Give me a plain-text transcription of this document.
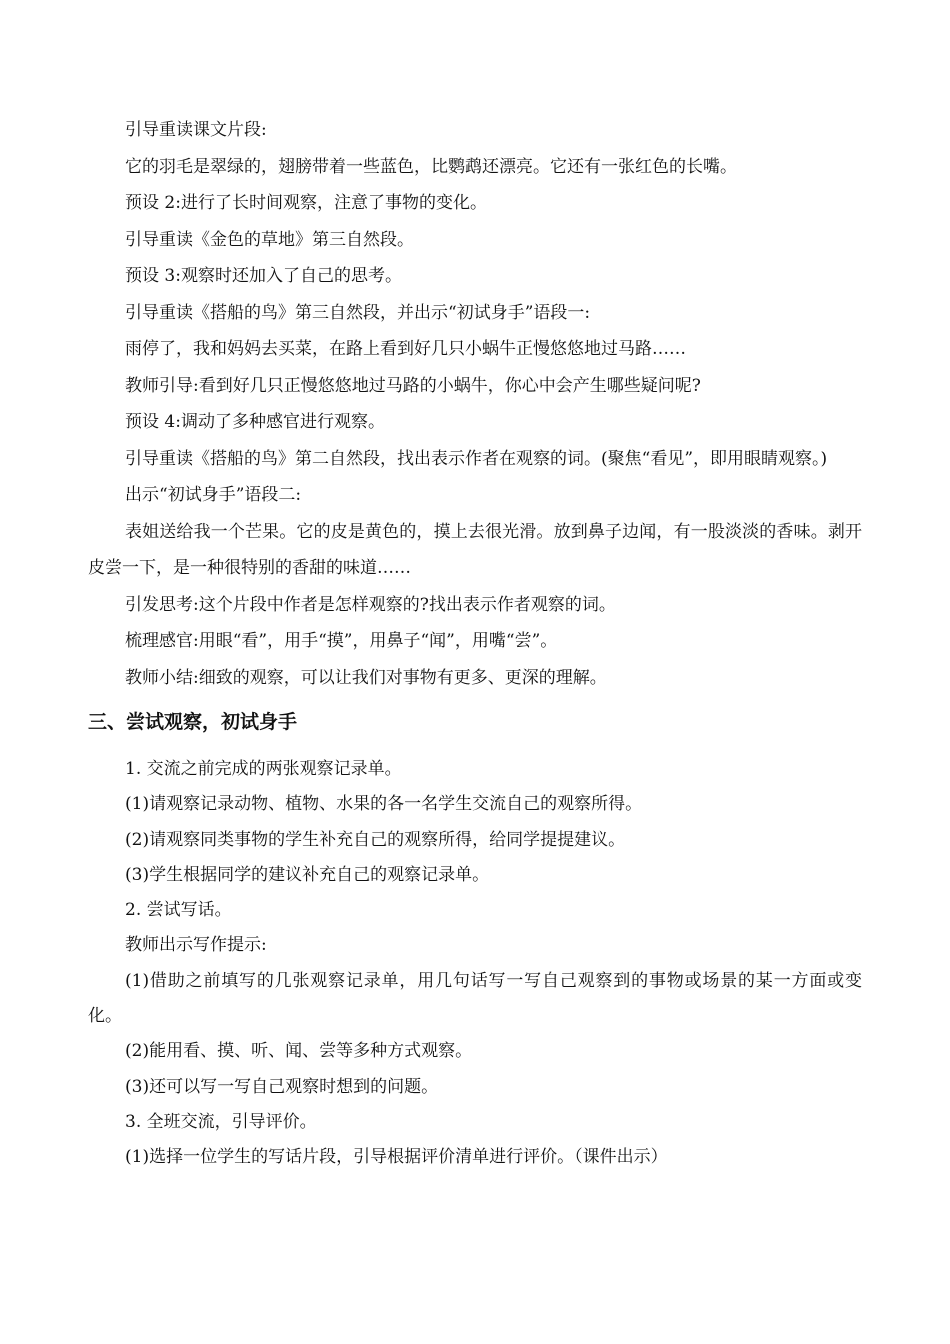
引导重读课文片段:

它的羽毛是翠绿的，翅膀带着一些蓝色，比鹦鹉还漂亮。它还有一张红色的长嘴。

预设 2:进行了长时间观察，注意了事物的变化。

引导重读《金色的草地》第三自然段。

预设 3:观察时还加入了自己的思考。

引导重读《搭船的鸟》第三自然段，并出示“初试身手”语段一:

雨停了，我和妈妈去买菜，在路上看到好几只小蜗牛正慢悠悠地过马路……

教师引导:看到好几只正慢悠悠地过马路的小蜗牛，你心中会产生哪些疑问呢?

预设 4:调动了多种感官进行观察。

引导重读《搭船的鸟》第二自然段，找出表示作者在观察的词。(聚焦“看见”，即用眼睛观察。)

出示“初试身手”语段二:

表姐送给我一个芒果。它的皮是黄色的，摸上去很光滑。放到鼻子边闻，有一股淡淡的香味。剥开皮尝一下，是一种很特别的香甜的味道……

引发思考:这个片段中作者是怎样观察的?找出表示作者观察的词。

梳理感官:用眼“看”，用手“摸”，用鼻子“闻”，用嘴“尝”。

教师小结:细致的观察，可以让我们对事物有更多、更深的理解。

三、尝试观察，初试身手

1. 交流之前完成的两张观察记录单。

(1)请观察记录动物、植物、水果的各一名学生交流自己的观察所得。

(2)请观察同类事物的学生补充自己的观察所得，给同学提提建议。

(3)学生根据同学的建议补充自己的观察记录单。

2. 尝试写话。

教师出示写作提示:

(1)借助之前填写的几张观察记录单，用几句话写一写自己观察到的事物或场景的某一方面或变化。

(2)能用看、摸、听、闻、尝等多种方式观察。

(3)还可以写一写自己观察时想到的问题。

3. 全班交流，引导评价。

(1)选择一位学生的写话片段，引导根据评价清单进行评价。（课件出示）
